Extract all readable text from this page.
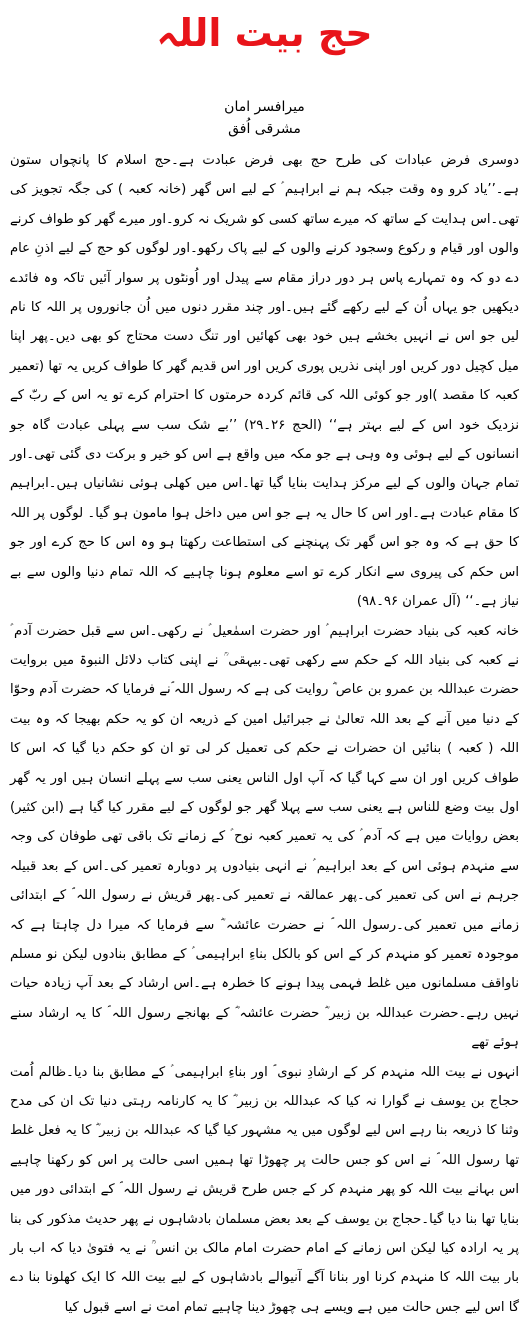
حج بیت اللہ

میرافسر امان

مشرقی اُفق

دوسری فرض عبادات کی طرح حج بھی فرض عبادت ہے۔حج اسلام کا پانچواں ستون ہے۔’’یاد کرو وہ وقت جبکہ ہم نے ابراہیم ؑ کے لیے اس گھر (خانہ کعبہ ) کی جگہ تجویز کی تھی۔اس ہدایت کے ساتھ کہ میرے ساتھ کسی کو شریک نہ کرو۔اور میرے گھر کو طواف کرنے والوں اور قیام و رکوع وسجود کرنے والوں کے لیے پاک رکھو۔اور لوگوں کو حج کے لیے اذنِ عام دے دو کہ وہ تمہارے پاس ہر دور دراز مقام سے پیدل اور اُونٹوں پر سوار آئیں تاکہ وہ فائدے دیکھیں جو یہاں اُن کے لیے رکھے گئے ہیں۔اور چند مقرر دنوں میں اُن جانوروں پر اللہ کا نام لیں جو اس نے انہیں بخشے ہیں خود بھی کھائیں اور تنگ دست محتاج کو بھی دیں۔پھر اپنا میل کچیل دور کریں اور اپنی نذریں پوری کریں اور اس قدیم گھر کا طواف کریں یہ تھا (تعمیر کعبہ کا مقصد )اور جو کوئی اللہ کی قائم کردہ حرمتوں کا احترام کرے تو یہ اس کے ربّ کے نزدیک خود اس کے لیے بہتر ہے‘‘ (الحج ۲۶۔۲۹) ’’بے شک سب سے پہلی عبادت گاہ جو انسانوں کے لیے ہوئی وہ وہی ہے جو مکہ میں واقع ہے اس کو خیر و برکت دی گئی تھی۔اور تمام جہان والوں کے لیے مرکز ہدایت بنایا گیا تھا۔اس میں کھلی ہوئی نشانیاں ہیں۔ابراہیم کا مقام عبادت ہے۔اور اس کا حال یہ ہے جو اس میں داخل ہوا مامون ہو گیا۔ لوگوں پر اللہ کا حق ہے کہ وہ جو اس گھر تک پہنچنے کی استطاعت رکھتا ہو وہ اس کا حج کرے اور جو اس حکم کی پیروی سے انکار کرے تو اسے معلوم ہونا چاہیے کہ اللہ تمام دنیا والوں سے بے نیاز ہے۔‘‘ (آل عمران ۹۶۔۹۸)

خانہ کعبہ کی بنیاد حضرت ابراہیم ؑ اور حضرت اسمٰعیل ؑ نے رکھی۔اس سے قبل حضرت آدم ؑ نے کعبہ کی بنیاد اللہ کے حکم سے رکھی تھی۔بیہقی ؒ نے اپنی کتاب دلائل النبوۃ میں بروایت حضرت عبداللہ بن عمرو بن عاص ؓ روایت کی ہے کہ رسول اللہ ؐنے فرمایا کہ حضرت آدم وحوّا کے دنیا میں آنے کے بعد اللہ تعالیٰ نے جبرائیل امین کے ذریعہ ان کو یہ حکم بھیجا کہ وہ بیت اللہ ( کعبہ ) بنائیں ان حضرات نے حکم کی تعمیل کر لی تو ان کو حکم دیا گیا کہ اس کا طواف کریں اور ان سے کہا گیا کہ آپ اول الناس یعنی سب سے پہلے انسان ہیں اور یہ گھر اول بیت وضع للناس ہے یعنی سب سے پہلا گھر جو لوگوں کے لیے مقرر کیا گیا ہے (ابن کثیر) بعض روایات میں ہے کہ آدم ؑ کی یہ تعمیر کعبہ نوح ؑ کے زمانے تک باقی تھی طوفان کی وجہ سے منہدم ہوئی اس کے بعد ابراہیم ؑ نے انہی بنیادوں پر دوبارہ تعمیر کی۔اس کے بعد قبیلہ جرہم نے اس کی تعمیر کی۔پھر عمالقہ نے تعمیر کی۔پھر قریش نے رسول اللہ ؐ کے ابتدائی زمانے میں تعمیر کی۔رسول اللہ ؐ نے حضرت عائشہ ؓ سے فرمایا کہ میرا دل چاہتا ہے کہ موجودہ تعمیر کو منہدم کر کے اس کو بالکل بناءِ ابراہیمی ؑ کے مطابق بنادوں لیکن نو مسلم ناواقف مسلمانوں میں غلط فہمی پیدا ہونے کا خطرہ ہے۔اس ارشاد کے بعد آپ زیادہ حیات نہیں رہے۔حضرت عبداللہ بن زبیر ؓ حضرت عائشہ ؓ کے بھانجے رسول اللہ ؐ کا یہ ارشاد سنے ہوئے تھے

انہوں نے بیت اللہ منہدم کر کے ارشادِ نبوی ؐ اور بناءِ ابراہیمی ؑ کے مطابق بنا دیا۔ظالم اُمت حجاج بن یوسف نے گوارا نہ کیا کہ عبداللہ بن زبیر ؓ کا یہ کارنامہ رہتی دنیا تک ان کی مدح وثنا کا ذریعہ بنا رہے اس لیے لوگوں میں یہ مشہور کیا گیا کہ عبداللہ بن زبیر ؓ کا یہ فعل غلط تھا رسول اللہ ؐ نے اس کو جس حالت پر چھوڑا تھا ہمیں اسی حالت پر اس کو رکھنا چاہیے اس بہانے بیت اللہ کو پھر منہدم کر کے جس طرح قریش نے رسول اللہ ؐ کے ابتدائی دور میں بنایا تھا بنا دیا گیا۔حجاج بن یوسف کے بعد بعض مسلمان بادشاہوں نے پھر حدیث مذکور کی بنا پر یہ ارادہ کیا لیکن اس زمانے کے امام حضرت امام مالک بن انس ؒ نے یہ فتویٰ دیا کہ اب بار بار بیت اللہ کا منہدم کرنا اور بنانا آگے آنیوالے بادشاہوں کے لیے بیت اللہ کا ایک کھلونا بنا دے گا اس لیے جس حالت میں ہے ویسے ہی چھوڑ دینا چاہیے تمام امت نے اسے قبول کیا
